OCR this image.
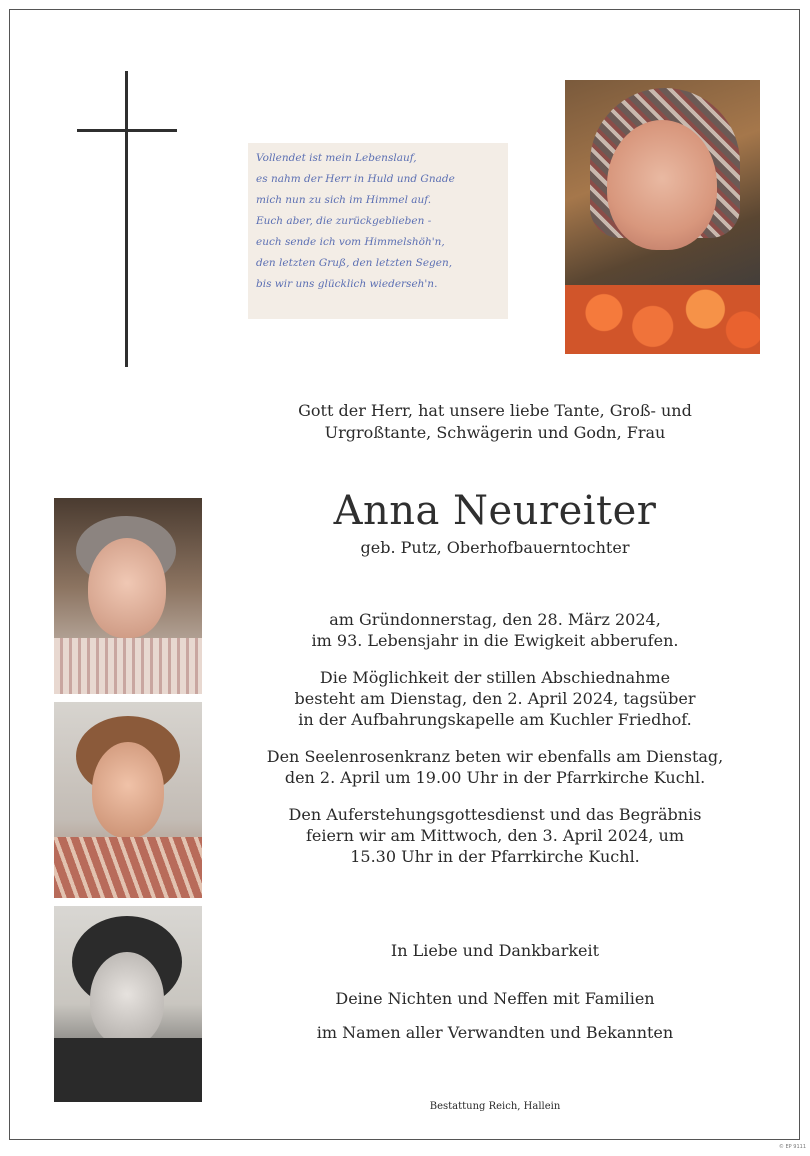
Vollendet ist mein Lebenslauf,
es nahm der Herr in Huld und Gnade
mich nun zu sich im Himmel auf.
Euch aber, die zurückgeblieben -
euch sende ich vom Himmelshöh'n,
den letzten Gruß, den letzten Segen,
bis wir uns glücklich wiederseh'n.
Gott der Herr, hat unsere liebe Tante, Groß- und
Urgroßtante, Schwägerin und Godn, Frau
Anna Neureiter
geb. Putz, Oberhofbauerntochter
am Gründonnerstag, den 28. März 2024,
im 93. Lebensjahr in die Ewigkeit abberufen.
Die Möglichkeit der stillen Abschiednahme
besteht am Dienstag, den 2. April 2024, tagsüber
in der Aufbahrungskapelle am Kuchler Friedhof.
Den Seelenrosenkranz beten wir ebenfalls am Dienstag,
den 2. April um 19.00 Uhr in der Pfarrkirche Kuchl.
Den Auferstehungsgottesdienst und das Begräbnis
feiern wir am Mittwoch, den 3. April 2024, um
15.30 Uhr in der Pfarrkirche Kuchl.
In Liebe und Dankbarkeit
Deine Nichten und Neffen mit Familien
im Namen aller Verwandten und Bekannten
Bestattung Reich, Hallein
© EP 9111
